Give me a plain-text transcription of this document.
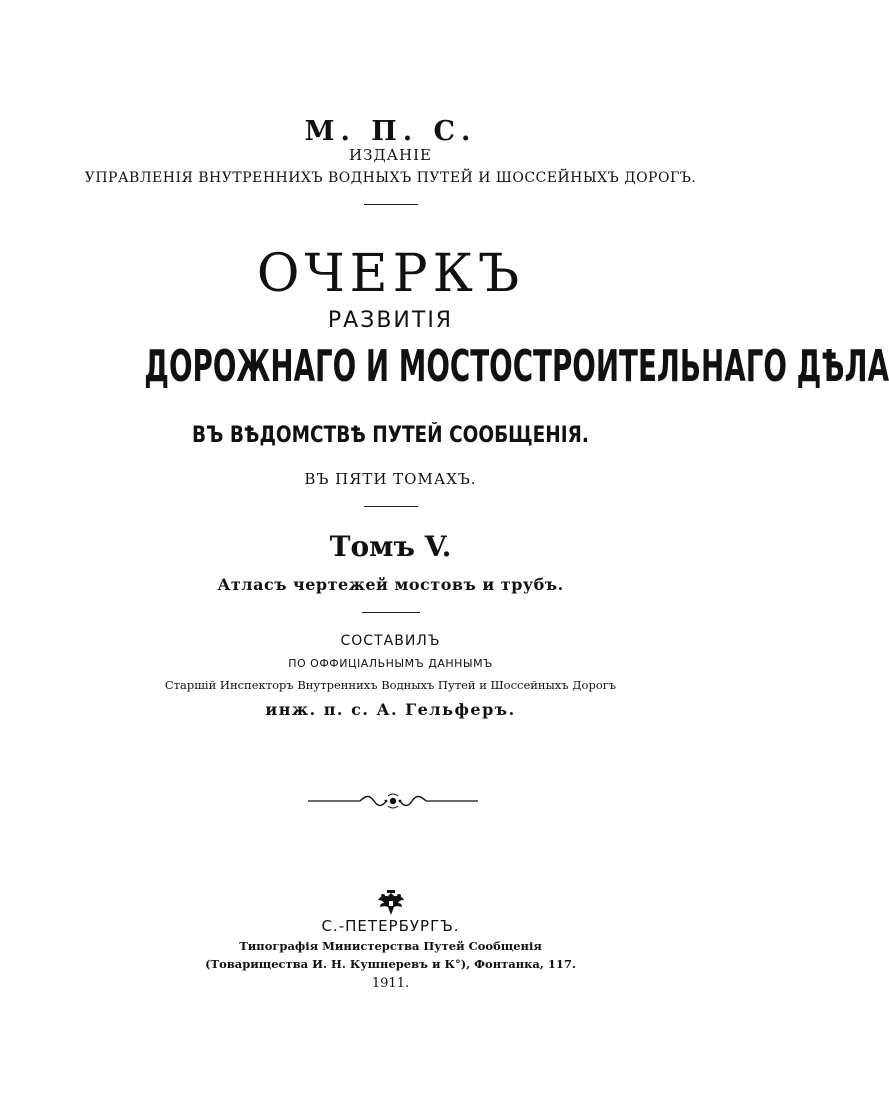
М. П. С.
ИЗДАНІЕ
УПРАВЛЕНІЯ ВНУТРЕННИХЪ ВОДНЫХЪ ПУТЕЙ И ШОССЕЙНЫХЪ ДОРОГЪ.
ОЧЕРКЪ
РАЗВИТІЯ
ДОРОЖНАГО И МОСТОСТРОИТЕЛЬНАГО ДѢЛА
ВЪ ВѢДОМСТВѢ ПУТЕЙ СООБЩЕНІЯ.
ВЪ ПЯТИ ТОМАХЪ.
Томъ V.
Атласъ чертежей мостовъ и трубъ.
СОСТАВИЛЪ
ПО ОФФИЦІАЛЬНЫМЪ ДАННЫМЪ
Старшій Инспекторъ Внутреннихъ Водныхъ Путей и Шоссейныхъ Дорогъ
инж. п. с. А. Гельферъ.
С.-ПЕТЕРБУРГЪ.
Типографія Министерства Путей Сообщенія
(Товарищества И. Н. Кушнеревъ и К°), Фонтанка, 117.
1911.
